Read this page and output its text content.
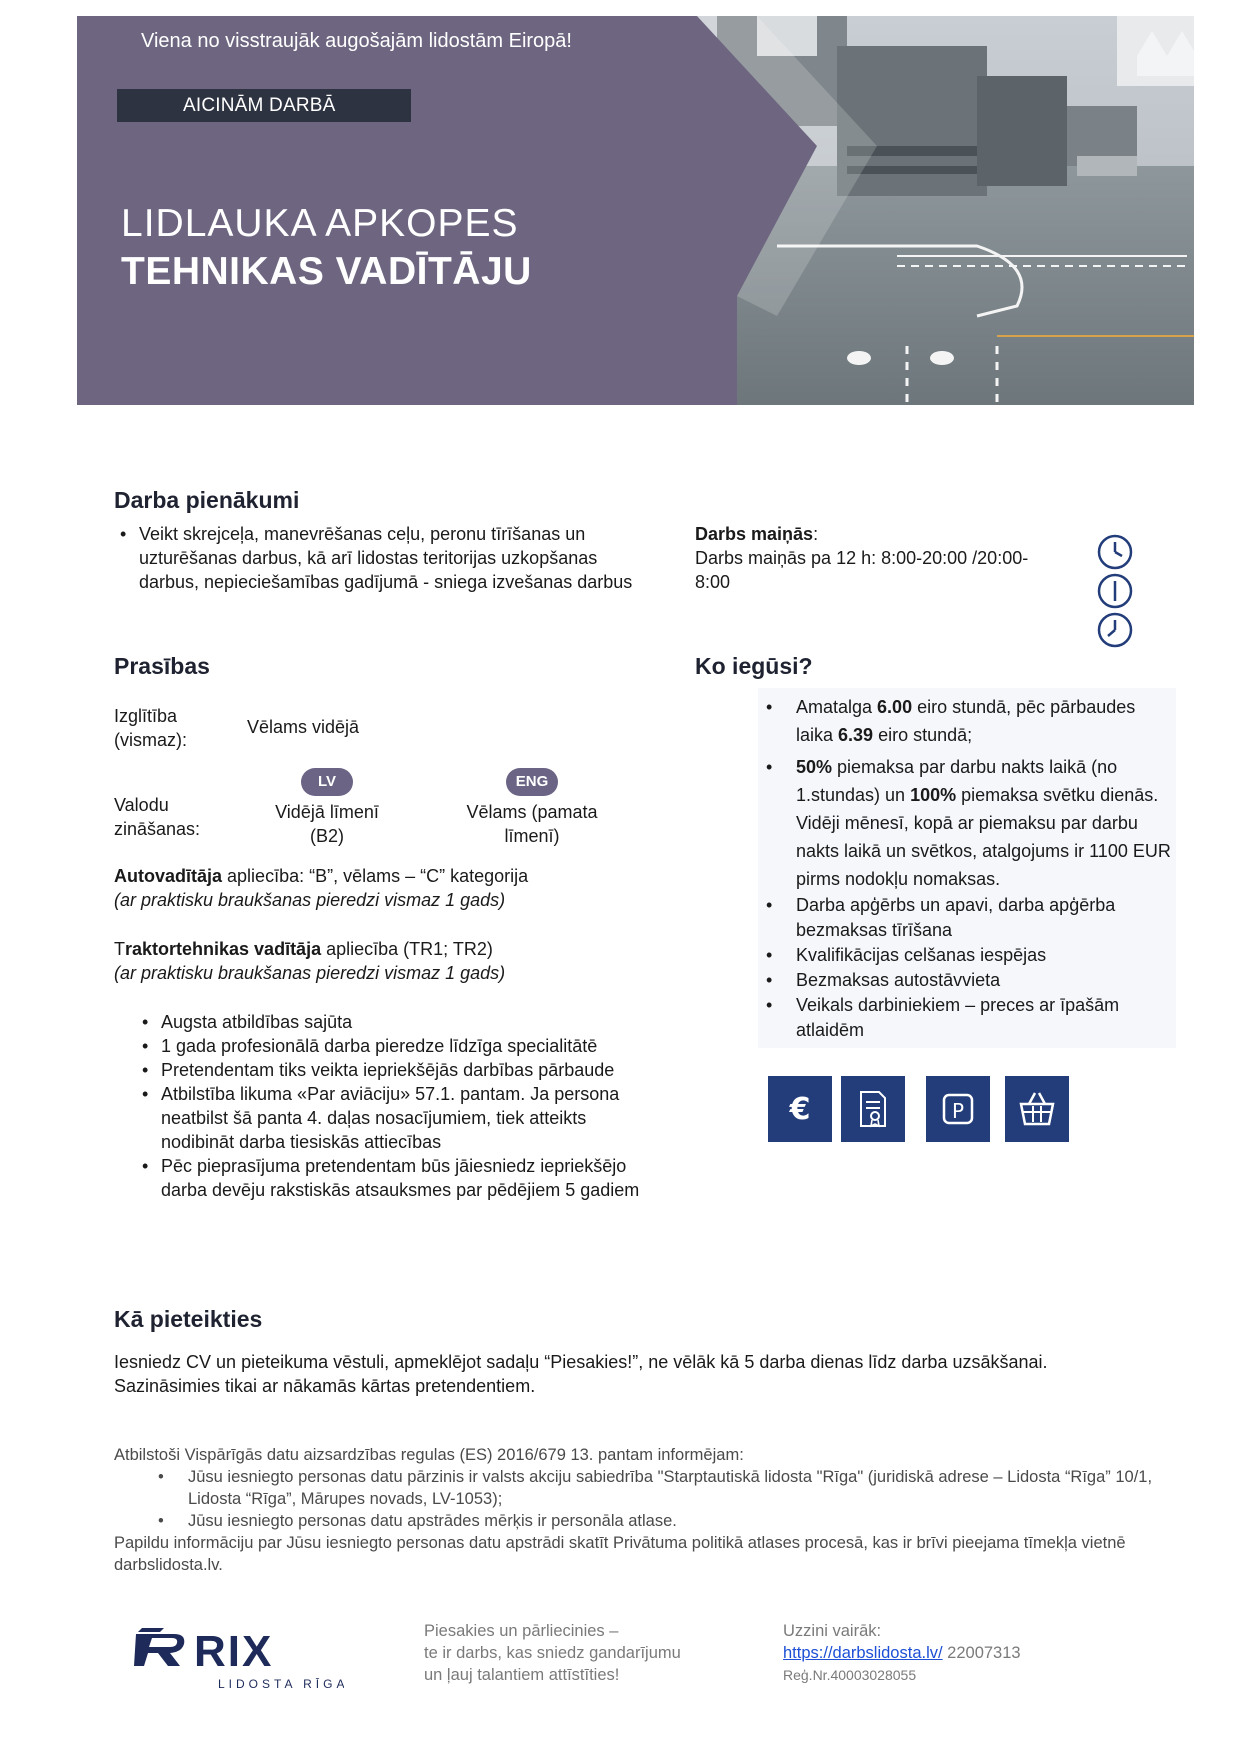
Viena no visstraujāk augošajām lidostām Eiropā!
AICINĀM DARBĀ
LIDLAUKA APKOPES
TEHNIKAS VADĪTĀJU
Darba pienākumi
• Veikt skrejceļa, manevrēšanas ceļu, peronu tīrīšanas un uzturēšanas darbus, kā arī lidostas teritorijas uzkopšanas darbus, nepieciešamības gadījumā - sniega izvešanas darbus
Darbs maiņās:
Darbs maiņās pa 12 h: 8:00-20:00 /20:00-8:00

Prasības
Izglītība (vismaz):
Vēlams vidējā
Valodu zināšanas:
LV
Vidējā līmenī (B2)
ENG
Vēlams (pamata līmenī)
Autovadītāja apliecība: “B”, vēlams – “C” kategorija
(ar praktisku braukšanas pieredzi vismaz 1 gads)
Traktortehnikas vadītāja apliecība (TR1; TR2)
(ar praktisku braukšanas pieredzi vismaz 1 gads)
• Augsta atbildības sajūta
• 1 gada profesionālā darba pieredze līdzīga specialitātē
• Pretendentam tiks veikta iepriekšējās darbības pārbaude
• Atbilstība likuma «Par aviāciju» 57.1. pantam. Ja persona neatbilst šā panta 4. daļas nosacījumiem, tiek atteikts nodibināt darba tiesiskās attiecības
• Pēc pieprasījuma pretendentam būs jāiesniedz iepriekšējo darba devēju rakstiskās atsauksmes par pēdējiem 5 gadiem
Ko iegūsi?
• Amatalga 6.00 eiro stundā, pēc pārbaudes laika 6.39 eiro stundā;
• 50% piemaksa par darbu nakts laikā (no 1.stundas) un 100% piemaksa svētku dienās. Vidēji mēnesī, kopā ar piemaksu par darbu nakts laikā un svētkos, atalgojums ir 1100 EUR pirms nodokļu nomaksas.
• Darba apģērbs un apavi, darba apģērba bezmaksas tīrīšana
• Kvalifikācijas celšanas iespējas
• Bezmaksas autostāvvieta
• Veikals darbiniekiem – preces ar īpašām atlaidēm
€	P
Kā pieteikties
Iesniedz CV un pieteikuma vēstuli, apmeklējot sadaļu “Piesakies!”, ne vēlāk kā 5 darba dienas līdz darba uzsākšanai. Sazināsimies tikai ar nākamās kārtas pretendentiem.
Atbilstoši Vispārīgās datu aizsardzības regulas (ES) 2016/679 13. pantam informējam:
• Jūsu iesniegto personas datu pārzinis ir valsts akciju sabiedrība "Starptautiskā lidosta "Rīga" (juridiskā adrese – Lidosta “Rīga” 10/1, Lidosta “Rīga”, Mārupes novads, LV-1053);
• Jūsu iesniegto personas datu apstrādes mērķis ir personāla atlase.
Papildu informāciju par Jūsu iesniegto personas datu apstrādi skatīt Privātuma politikā atlases procesā, kas ir brīvi pieejama tīmekļa vietnē darbslidosta.lv.
RIX
LIDOSTA RĪGA
Piesakies un pārliecinies –
te ir darbs, kas sniedz gandarījumu
un ļauj talantiem attīstīties!
Uzzini vairāk:
https://darbslidosta.lv/ 22007313
Reģ.Nr.40003028055
